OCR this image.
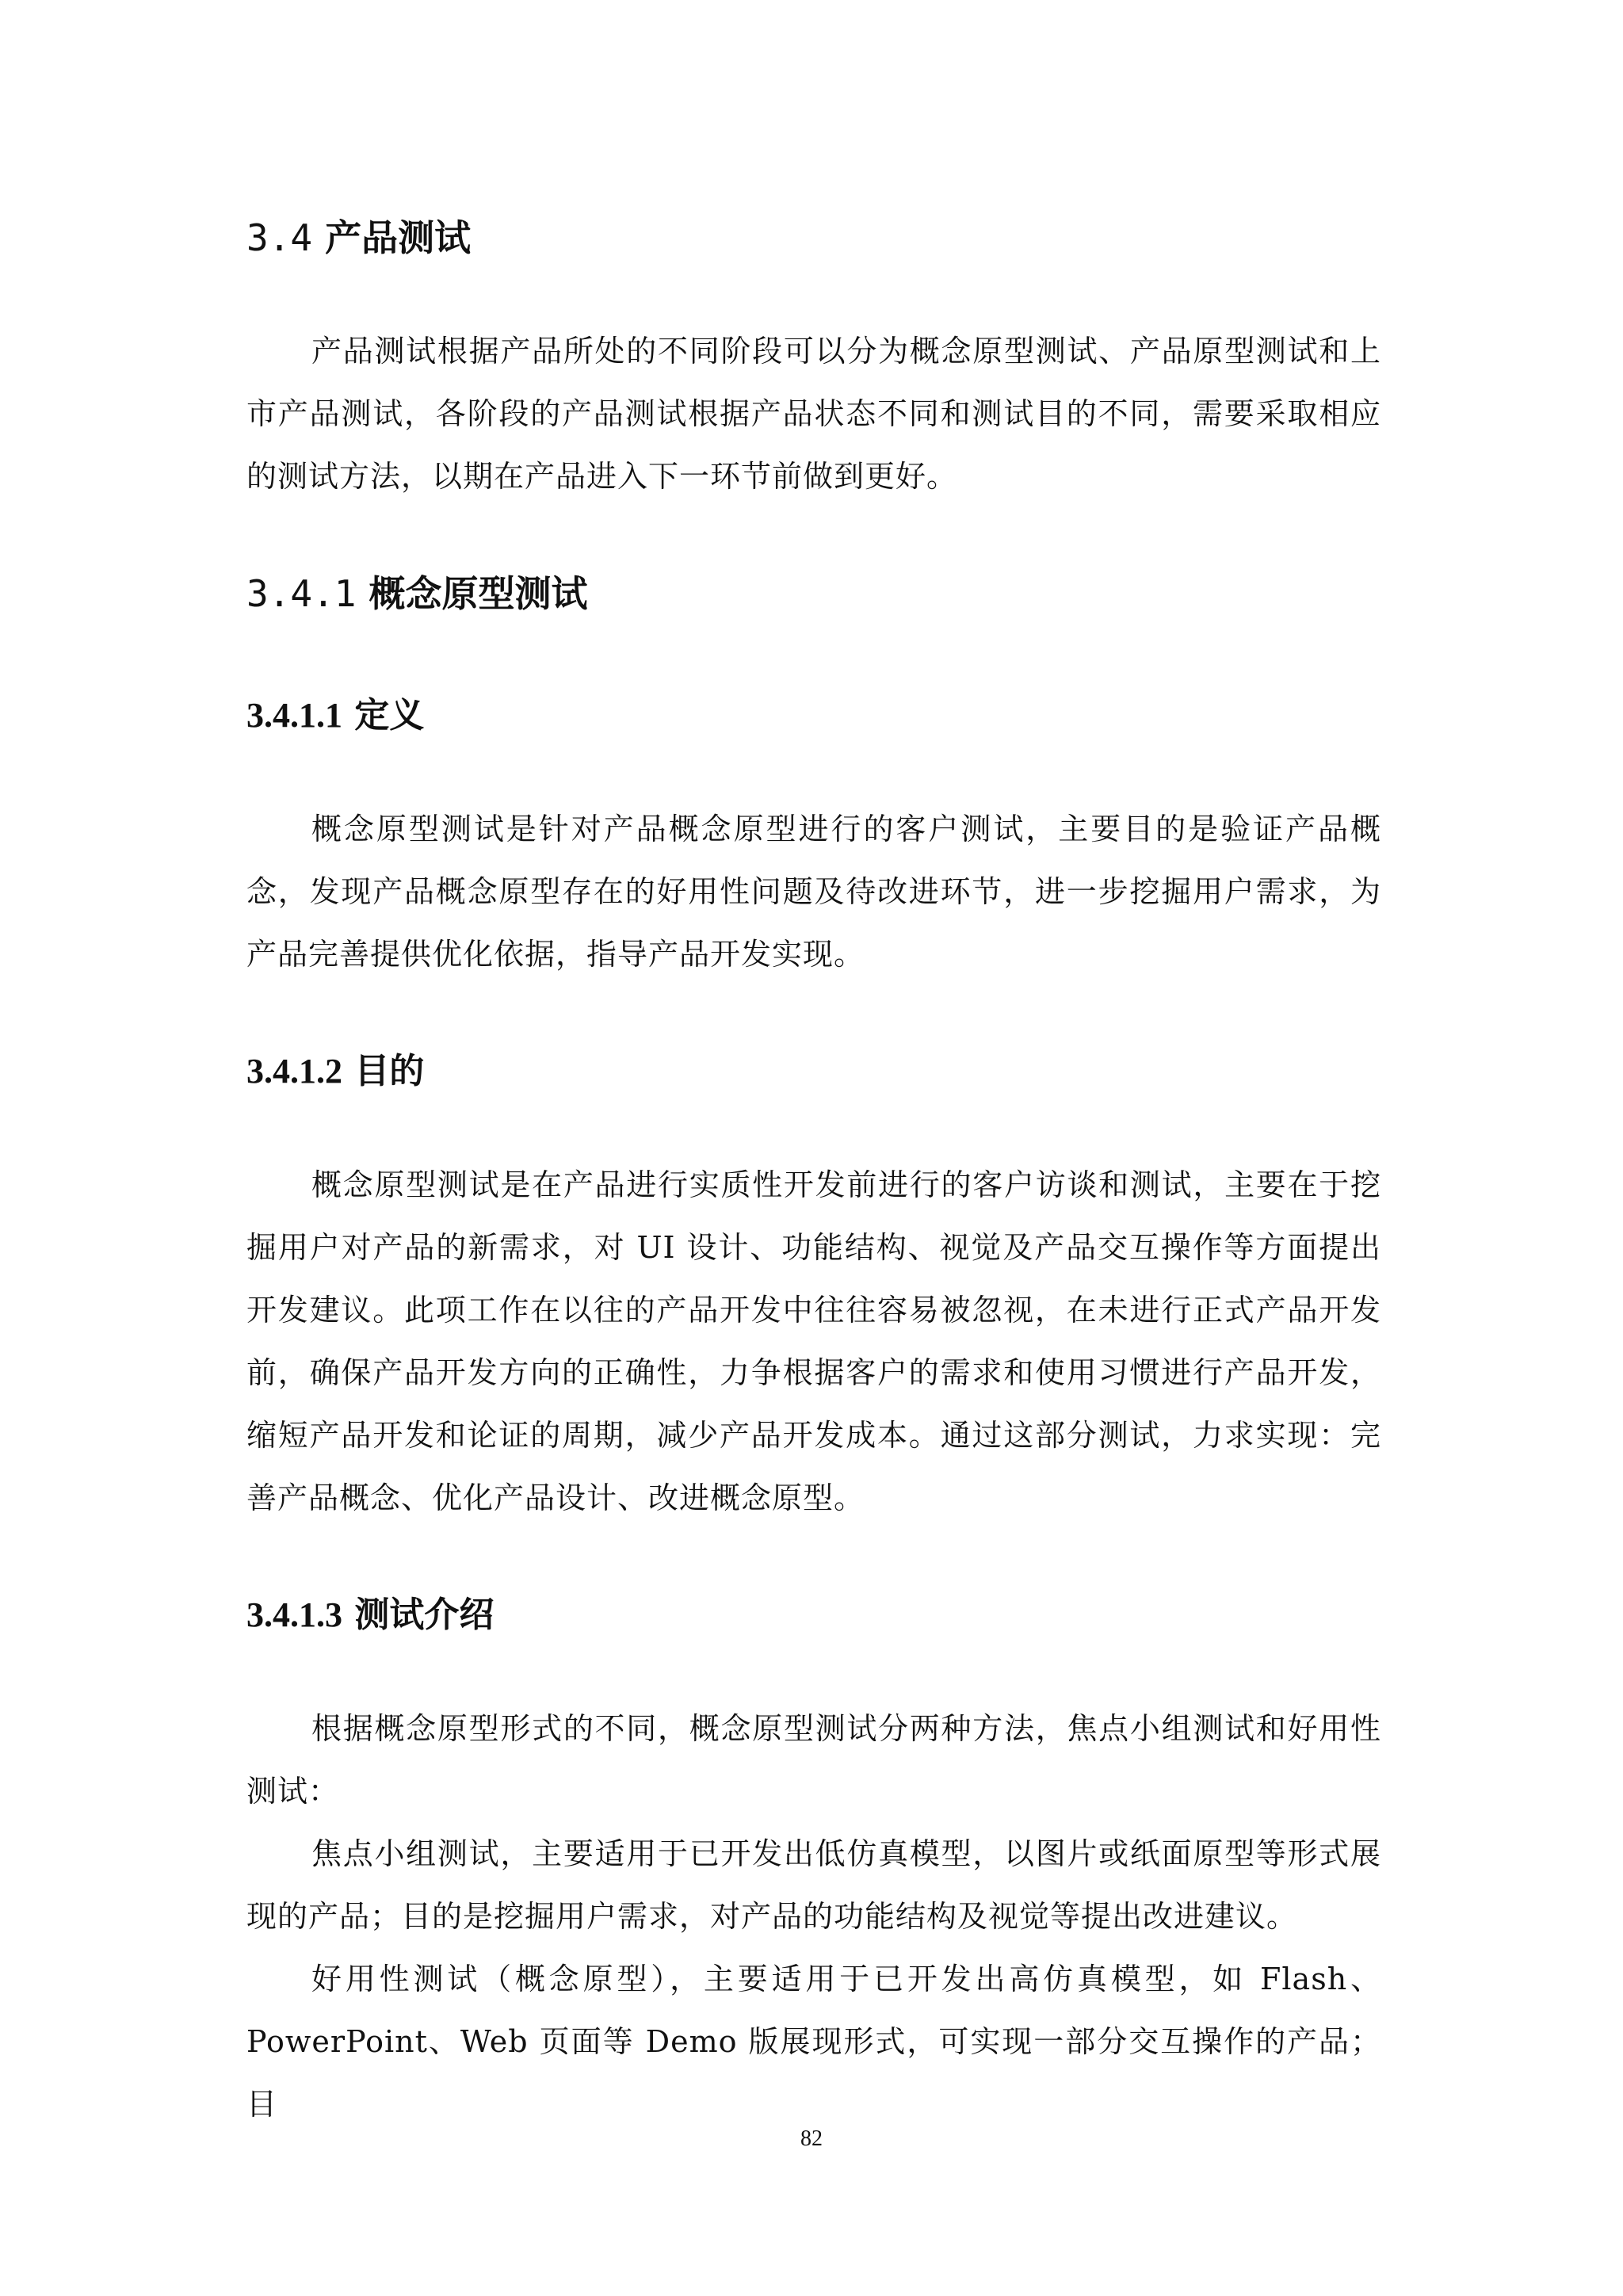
3.4 产品测试

产品测试根据产品所处的不同阶段可以分为概念原型测试、产品原型测试和上市产品测试，各阶段的产品测试根据产品状态不同和测试目的不同，需要采取相应的测试方法，以期在产品进入下一环节前做到更好。

3.4.1 概念原型测试
3.4.1.1 定义

概念原型测试是针对产品概念原型进行的客户测试，主要目的是验证产品概念，发现产品概念原型存在的好用性问题及待改进环节，进一步挖掘用户需求，为产品完善提供优化依据，指导产品开发实现。

3.4.1.2 目的

概念原型测试是在产品进行实质性开发前进行的客户访谈和测试，主要在于挖掘用户对产品的新需求，对 UI 设计、功能结构、视觉及产品交互操作等方面提出开发建议。此项工作在以往的产品开发中往往容易被忽视，在未进行正式产品开发前，确保产品开发方向的正确性，力争根据客户的需求和使用习惯进行产品开发，缩短产品开发和论证的周期，减少产品开发成本。通过这部分测试，力求实现：完善产品概念、优化产品设计、改进概念原型。

3.4.1.3 测试介绍

根据概念原型形式的不同，概念原型测试分两种方法，焦点小组测试和好用性测试：

焦点小组测试，主要适用于已开发出低仿真模型，以图片或纸面原型等形式展现的产品；目的是挖掘用户需求，对产品的功能结构及视觉等提出改进建议。

好用性测试（概念原型），主要适用于已开发出高仿真模型，如 Flash、PowerPoint、Web 页面等 Demo 版展现形式，可实现一部分交互操作的产品；目

82
